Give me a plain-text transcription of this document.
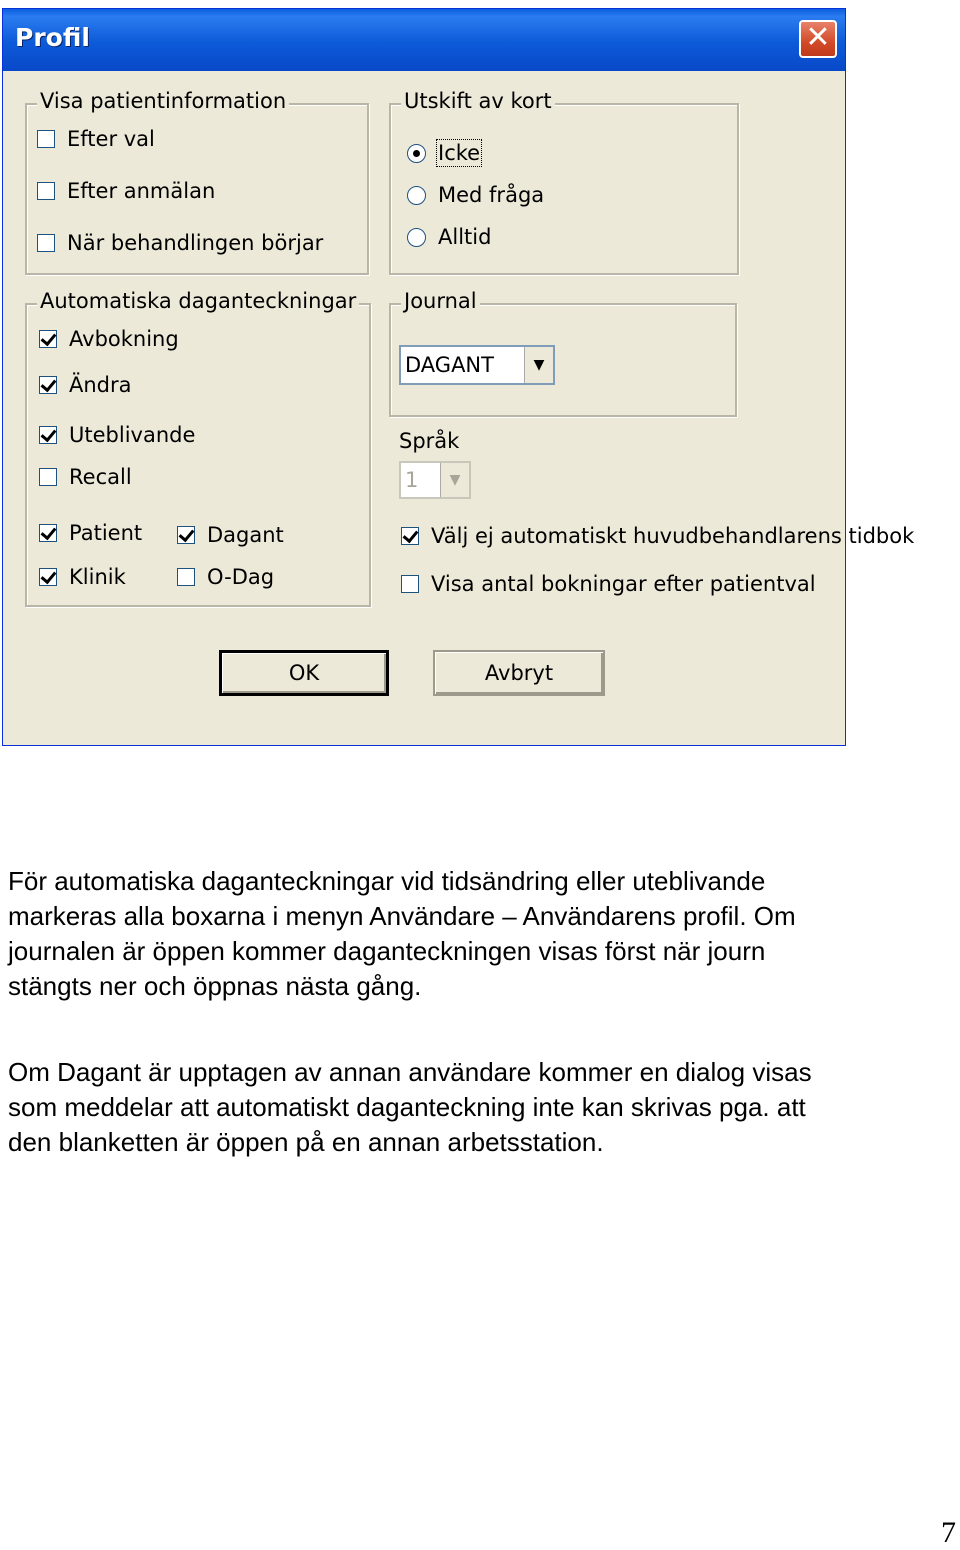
Profil	✕
Visa patientinformation
Efter val
Efter anmälan
När behandlingen börjar
Utskift av kort
Icke
Med fråga
Alltid
Automatiska daganteckningar
Avbokning
Ändra
Uteblivande
Recall
Patient
Klinik
Dagant
O-Dag
Journal
DAGANT	▼
Språk
1	▼
Välj ej automatiskt huvudbehandlarens tidbok
Visa antal bokningar efter patientval
OK	Avbryt

För automatiska daganteckningar vid tidsändring eller uteblivande markeras alla boxarna i menyn Användare – Användarens profil. Om journalen är öppen kommer daganteckningen visas först när journ stängts ner och öppnas nästa gång.

Om Dagant är upptagen av annan användare kommer en dialog visas som meddelar att automatiskt daganteckning inte kan skrivas pga. att den blanketten är öppen på en annan arbetsstation.

7
